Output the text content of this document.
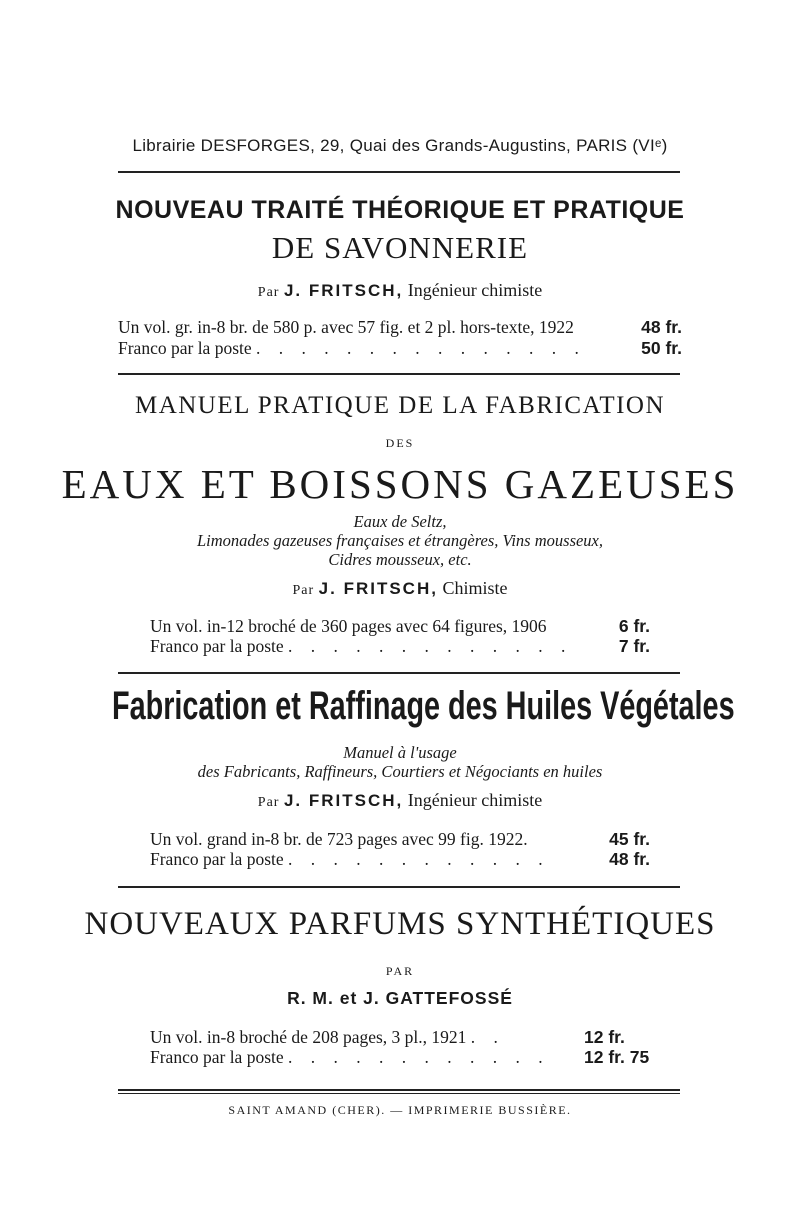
Librairie DESFORGES, 29, Quai des Grands-Augustins, PARIS (VIᵉ)
NOUVEAU TRAITÉ THÉORIQUE ET PRATIQUE
DE SAVONNERIE
Par J. FRITSCH, Ingénieur chimiste
Un vol. gr. in-8 br. de 580 p. avec 57 fig. et 2 pl. hors-texte, 1922	48 fr.
Franco par la poste . . . . . . . . . . . . . . .	50 fr.
MANUEL PRATIQUE DE LA FABRICATION
DES
EAUX ET BOISSONS GAZEUSES
Eaux de Seltz,
Limonades gazeuses françaises et étrangères, Vins mousseux,
Cidres mousseux, etc.
Par J. FRITSCH, Chimiste
Un vol. in-12 broché de 360 pages avec 64 figures, 1906	6 fr.
Franco par la poste . . . . . . . . . . . . .	7 fr.
Fabrication et Raffinage des Huiles Végétales
Manuel à l'usage
des Fabricants, Raffineurs, Courtiers et Négociants en huiles
Par J. FRITSCH, Ingénieur chimiste
Un vol. grand in-8 br. de 723 pages avec 99 fig. 1922.	45 fr.
Franco par la poste . . . . . . . . . . . .	48 fr.
NOUVEAUX PARFUMS SYNTHÉTIQUES
PAR
R. M. et J. GATTEFOSSÉ
Un vol. in-8 broché de 208 pages, 3 pl., 1921 . .	12 fr.
Franco par la poste . . . . . . . . . . . . 12 fr. 75
SAINT AMAND (CHER). — IMPRIMERIE BUSSIÈRE.
